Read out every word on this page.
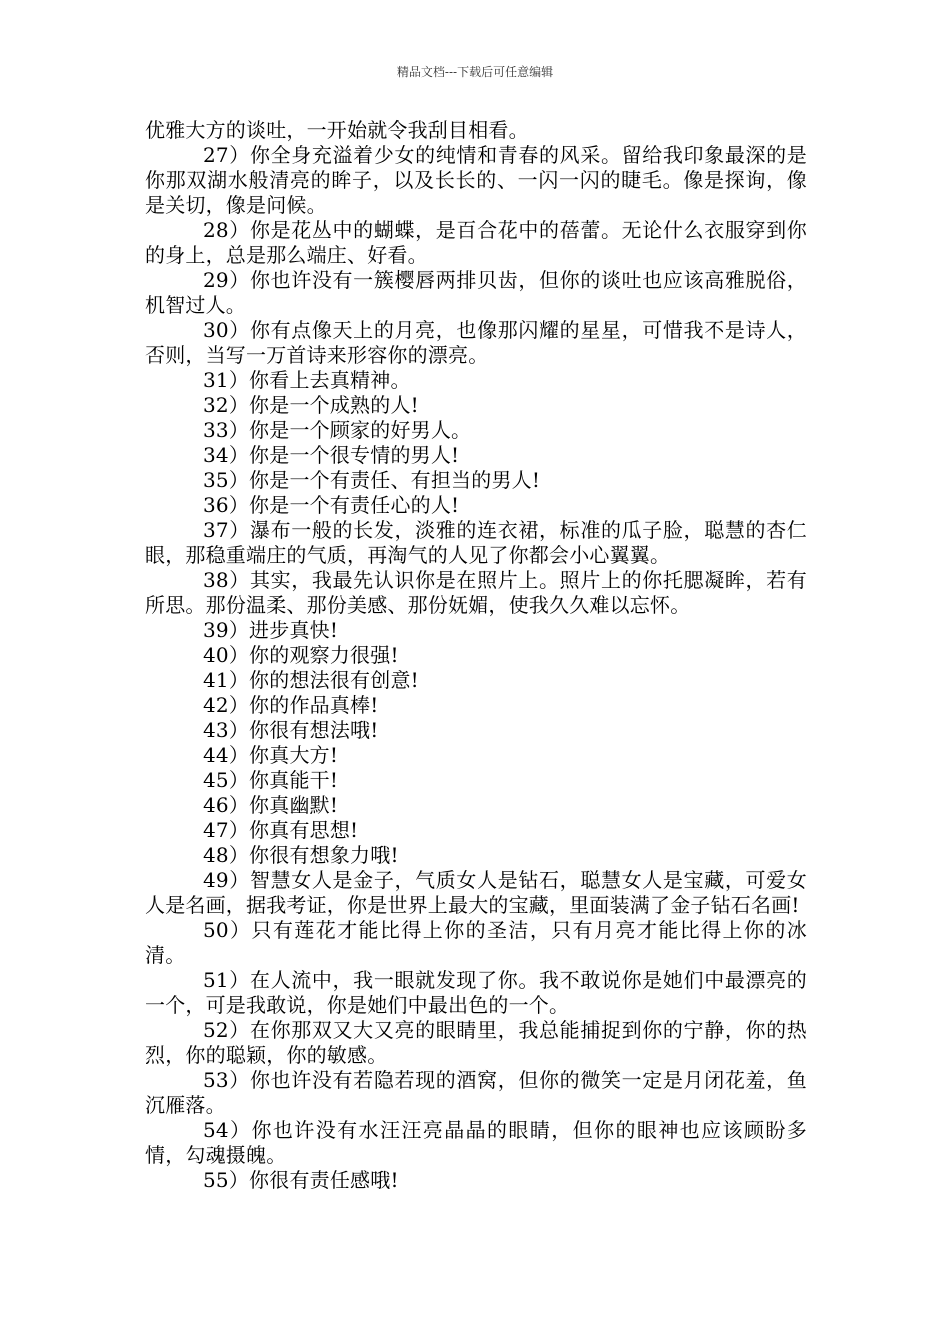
精品文档---下载后可任意编辑

优雅大方的谈吐，一开始就令我刮目相看。

27）你全身充溢着少女的纯情和青春的风采。留给我印象最深的是你那双湖水般清亮的眸子，以及长长的、一闪一闪的睫毛。像是探询，像是关切，像是问候。

28）你是花丛中的蝴蝶，是百合花中的蓓蕾。无论什么衣服穿到你的身上，总是那么端庄、好看。

29）你也许没有一簇樱唇两排贝齿，但你的谈吐也应该高雅脱俗，机智过人。

30）你有点像天上的月亮，也像那闪耀的星星，可惜我不是诗人，否则，当写一万首诗来形容你的漂亮。

31）你看上去真精神。

32）你是一个成熟的人!

33）你是一个顾家的好男人。

34）你是一个很专情的男人!

35）你是一个有责任、有担当的男人!

36）你是一个有责任心的人!

37）瀑布一般的长发，淡雅的连衣裙，标准的瓜子脸，聪慧的杏仁眼，那稳重端庄的气质，再淘气的人见了你都会小心翼翼。

38）其实，我最先认识你是在照片上。照片上的你托腮凝眸，若有所思。那份温柔、那份美感、那份妩媚，使我久久难以忘怀。

39）进步真快!

40）你的观察力很强!

41）你的想法很有创意!

42）你的作品真棒!

43）你很有想法哦!

44）你真大方!

45）你真能干!

46）你真幽默!

47）你真有思想!

48）你很有想象力哦!

49）智慧女人是金子，气质女人是钻石，聪慧女人是宝藏，可爱女人是名画，据我考证，你是世界上最大的宝藏，里面装满了金子钻石名画!

50）只有莲花才能比得上你的圣洁，只有月亮才能比得上你的冰清。

51）在人流中，我一眼就发现了你。我不敢说你是她们中最漂亮的一个，可是我敢说，你是她们中最出色的一个。

52）在你那双又大又亮的眼睛里，我总能捕捉到你的宁静，你的热烈，你的聪颖，你的敏感。

53）你也许没有若隐若现的酒窝，但你的微笑一定是月闭花羞，鱼沉雁落。

54）你也许没有水汪汪亮晶晶的眼睛，但你的眼神也应该顾盼多情，勾魂摄魄。

55）你很有责任感哦!
